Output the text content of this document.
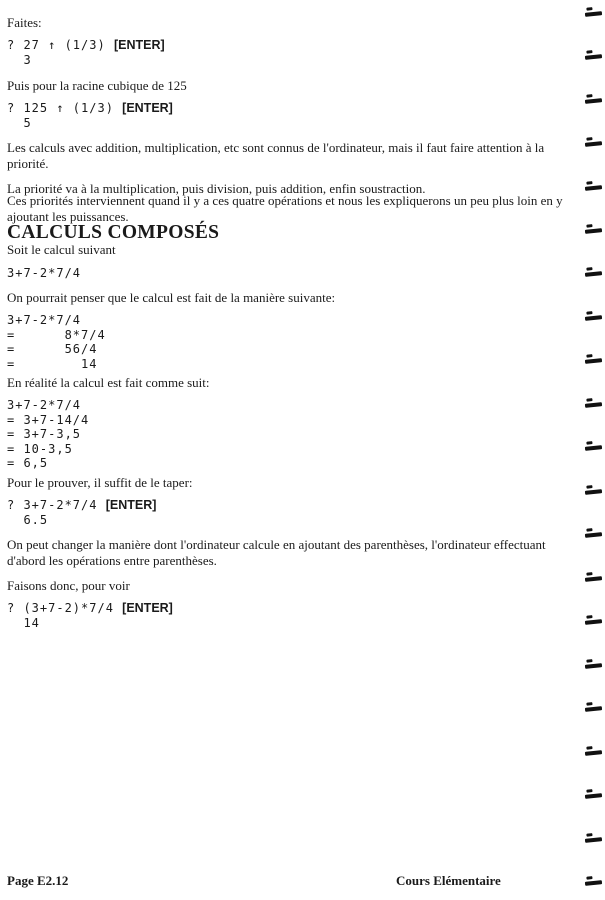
Faites:

? 27 ↑ (1/3) [ENTER]

3

Puis pour la racine cubique de 125

? 125 ↑ (1/3) [ENTER]

5

CALCULS COMPOSÉS

Les calculs avec addition, multiplication, etc sont connus de l'ordinateur, mais il faut faire attention à la priorité.

La priorité va à la multiplication, puis division, puis addition, enfin soustraction.

Ces priorités interviennent quand il y a ces quatre opérations et nous les expliquerons un peu plus loin en y ajoutant les puissances.

Soit le calcul suivant

3+7-2*7/4

On pourrait penser que le calcul est fait de la manière suivante:

3+7-2*7/4
=      8*7/4
=      56/4
=        14

En réalité la calcul est fait comme suit:

3+7-2*7/4
= 3+7-14/4
= 3+7-3,5
= 10-3,5
= 6,5

Pour le prouver, il suffit de le taper:

? 3+7-2*7/4 [ENTER]

6.5

On peut changer la manière dont l'ordinateur calcule en ajoutant des parenthèses, l'ordinateur effectuant d'abord les opérations entre parenthèses.

Faisons donc, pour voir

? (3+7-2)*7/4 [ENTER]

14

Page E2.12	Cours Elémentaire
